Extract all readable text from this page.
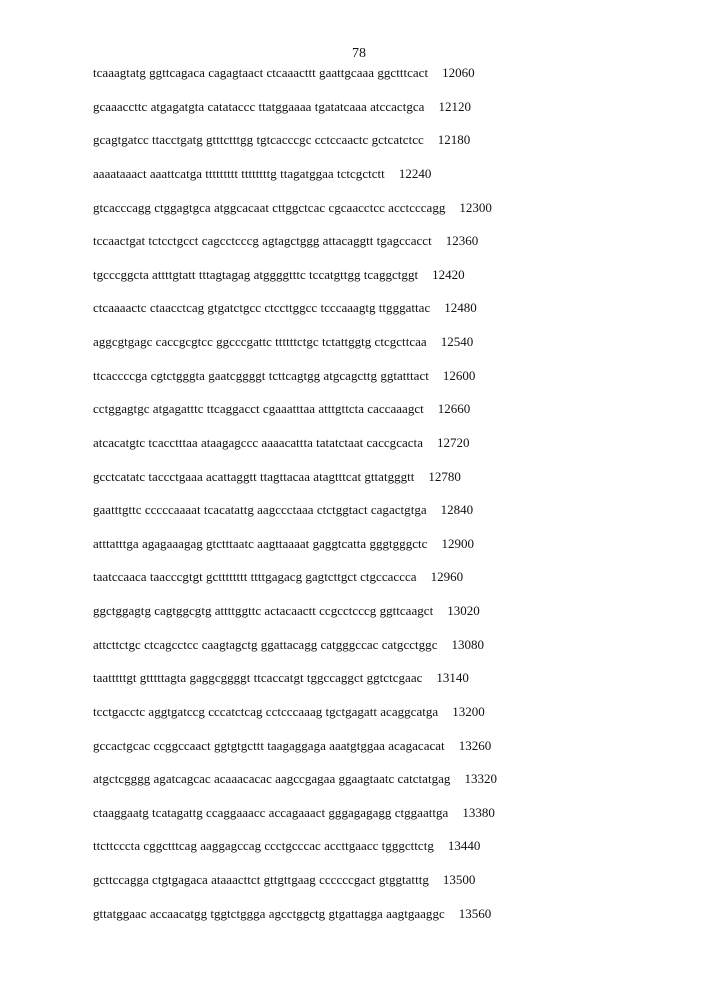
78
tcaaagtatg ggttcagaca cagagtaact ctcaaacttt gaattgcaaa ggctttcact 12060
gcaaaccttc atgagatgta catataccc ttatggaaaa tgatatcaaa atccactgca 12120
gcagtgatcc ttacctgatg gtttctttgg tgtcacccgc cctccaactc gctcatctcc 12180
aaaataaact aaattcatga ttttttttt ttttttttg ttagatggaa tctcgctctt 12240
gtcacccagg ctggagtgca atggcacaat cttggctcac cgcaacctcc acctcccagg 12300
tccaactgat tctcctgcct cagcctcccg agtagctggg attacaggtt tgagccacct 12360
tgcccggcta attttgtatt tttagtagag atggggtttc tccatgttgg tcaggctggt 12420
ctcaaaactc ctaacctcag gtgatctgcc ctccttggcc tcccaaagtg ttgggattac 12480
aggcgtgagc caccgcgtcc ggcccgattc ttttttctgc tctattggtg ctcgcttcaa 12540
ttcaccccga cgtctgggta gaatcggggt tcttcagtgg atgcagcttg ggtatttact 12600
cctggagtgc atgagatttc ttcaggacct cgaaatttaa atttgttcta caccaaagct 12660
atcacatgtc tcacctttaa ataagagccc aaaacattta tatatctaat caccgcacta 12720
gcctcatatc taccctgaaa acattaggtt ttagttacaa atagtttcat gttatgggtt 12780
gaatttgttc cccccaaaat tcacatattg aagccctaaa ctctggtact cagactgtga 12840
atttatttga agagaaagag gtctttaatc aagttaaaat gaggtcatta gggtgggctc 12900
taatccaaca taacccgtgt gctttttttt ttttgagacg gagtcttgct ctgccaccca 12960
ggctggagtg cagtggcgtg attttggttc actacaactt ccgcctcccg ggttcaagct 13020
attcttctgc ctcagcctcc caagtagctg ggattacagg catgggccac catgcctggc 13080
taatttttgt gtttttagta gaggcggggt ttcaccatgt tggccaggct ggtctcgaac 13140
tcctgacctc aggtgatccg cccatctcag cctcccaaag tgctgagatt acaggcatga 13200
gccactgcac ccggccaact ggtgtgcttt taagaggaga aaatgtggaa acagacacat 13260
atgctcgggg agatcagcac acaaacacac aagccgagaa ggaagtaatc catctatgag 13320
ctaaggaatg tcatagattg ccaggaaacc accagaaact gggagagagg ctggaattga 13380
ttcttcccta cggctttcag aaggagccag ccctgcccac accttgaacc tgggcttctg 13440
gcttccagga ctgtgagaca ataaacttct gttgttgaag ccccccgact gtggtatttg 13500
gttatggaac accaacatgg tggtctggga agcctggctg gtgattagga aagtgaaggc 13560
